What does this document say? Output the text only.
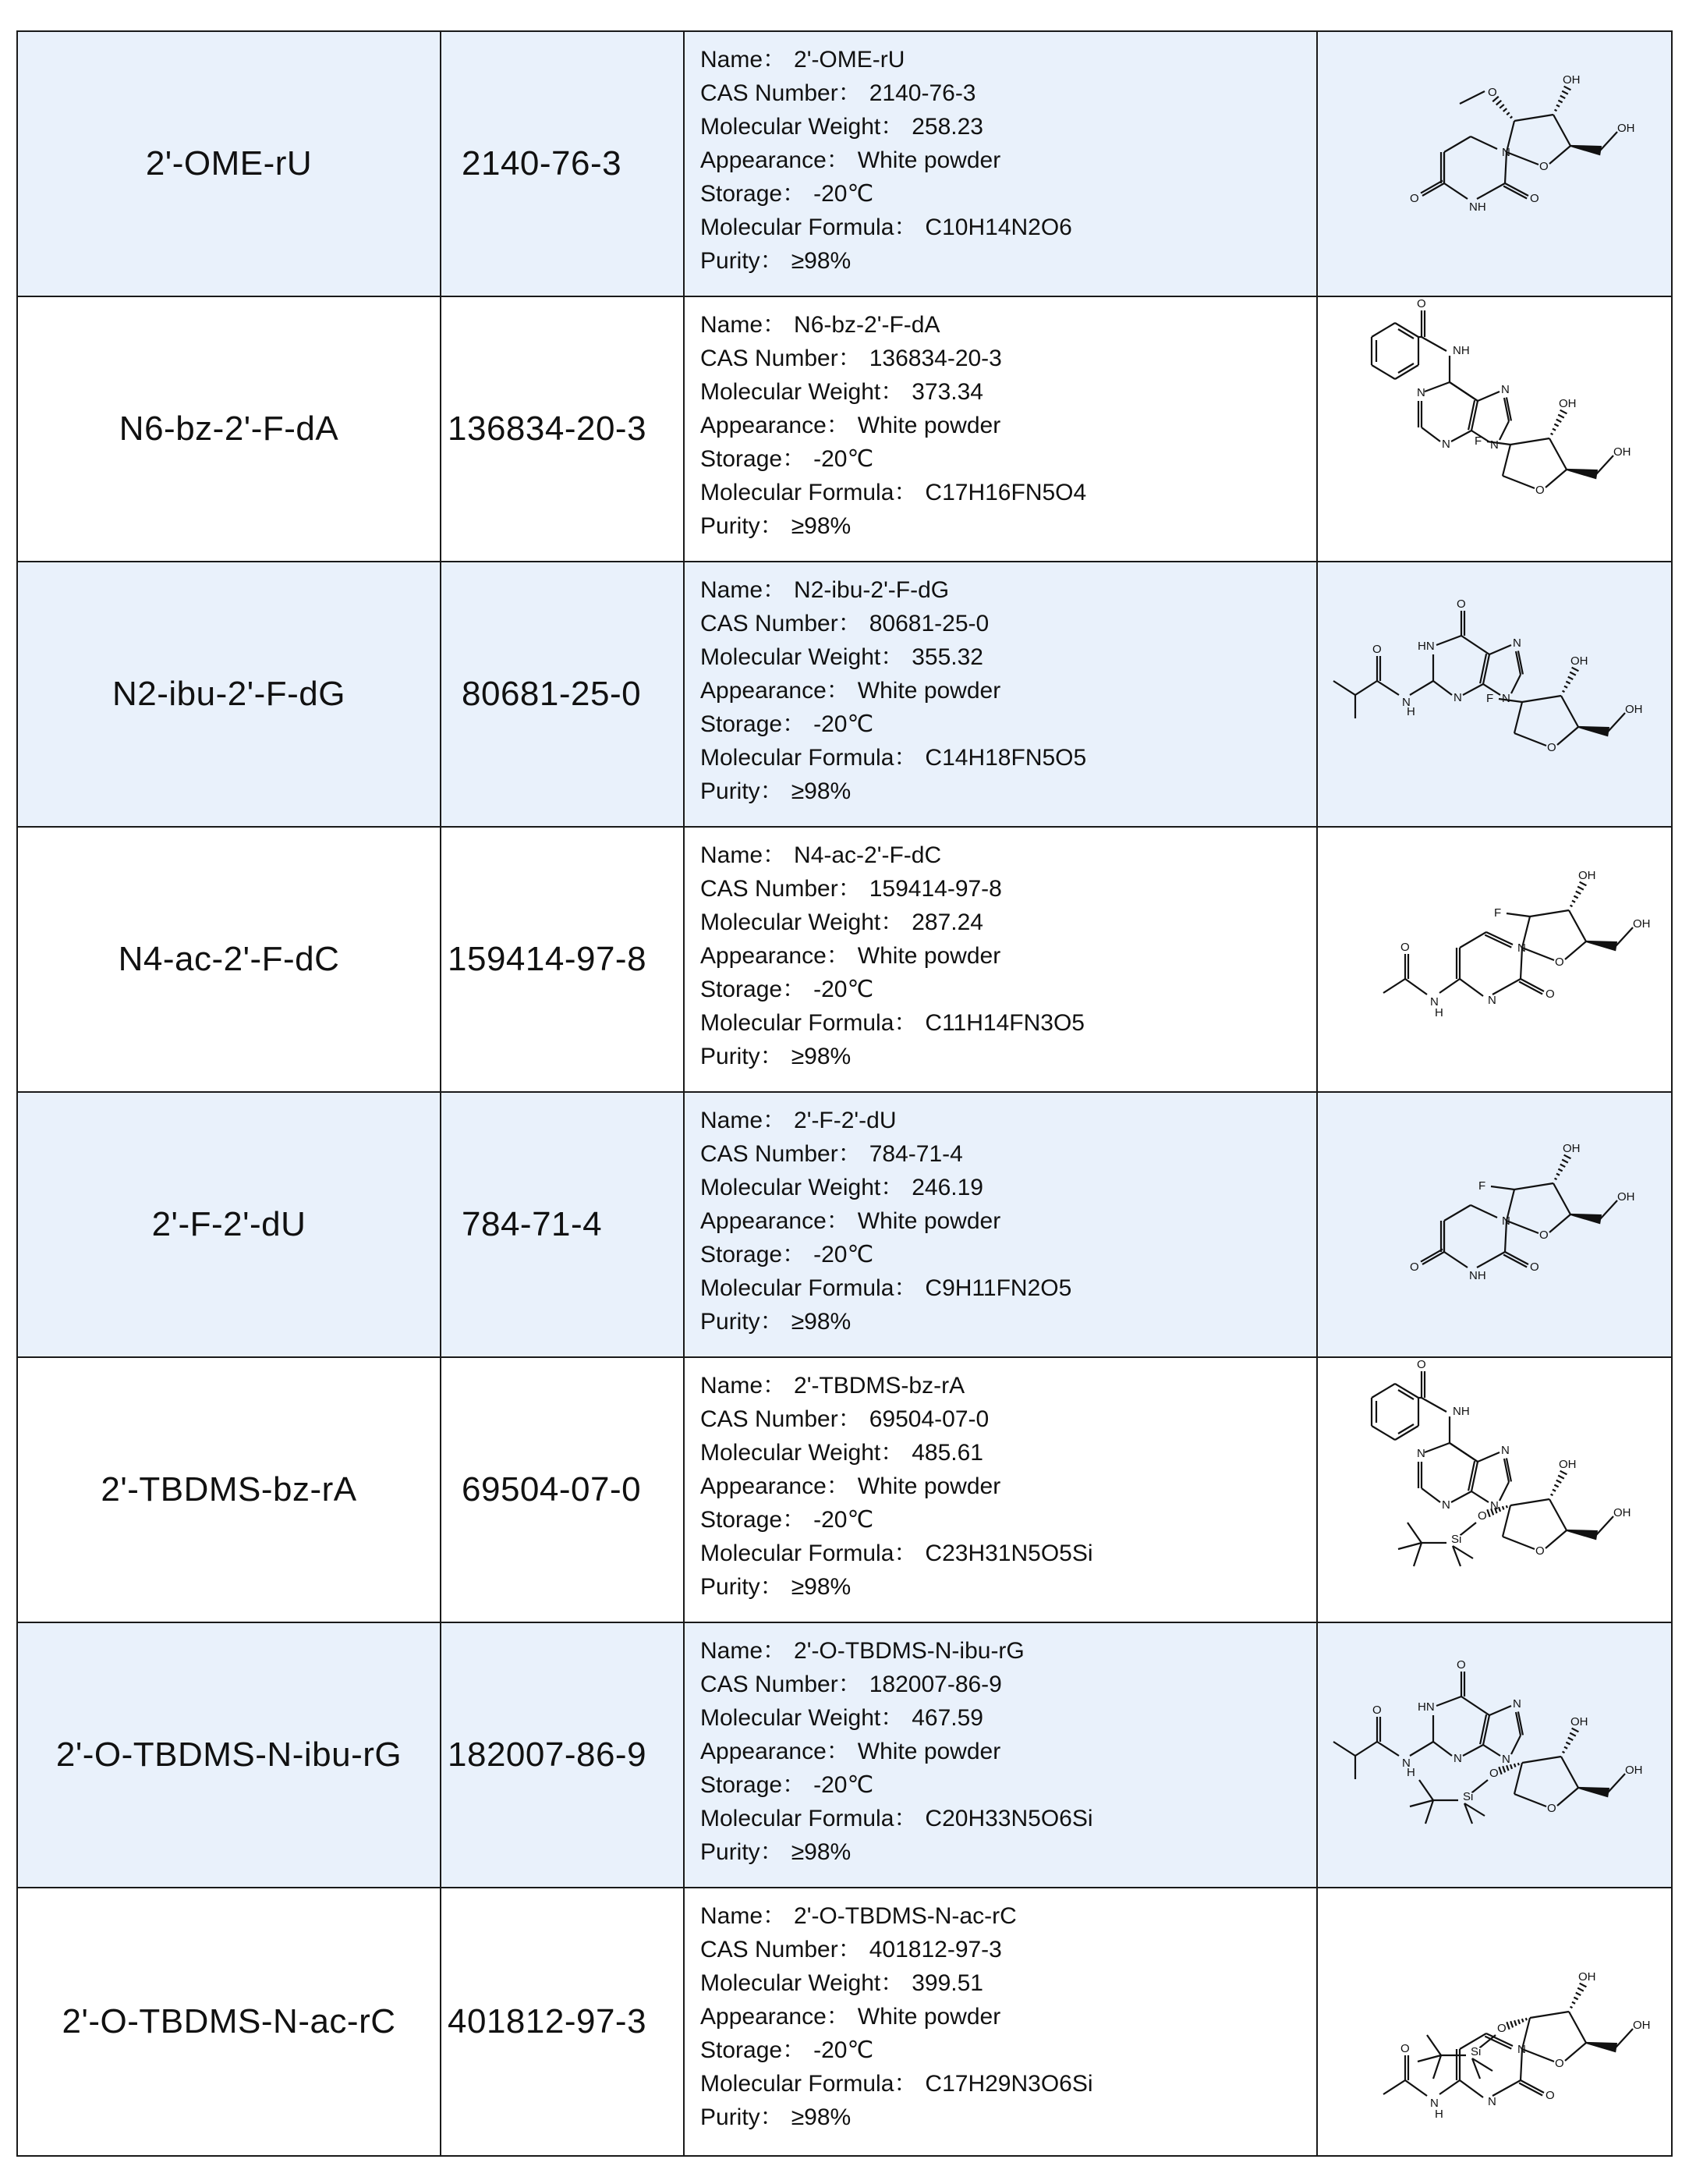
2'-OME-rU	2140-76-3
Name： 2'-OME-rU
CAS Number： 2140-76-3
Molecular Weight： 258.23
Appearance： White powder
Storage： -20℃
Molecular Formula： C10H14N2O6
Purity： ≥98%
O
OH
OH
O
N
NH
O
O
N6-bz-2'-F-dA	136834-20-3
Name： N6-bz-2'-F-dA
CAS Number： 136834-20-3
Molecular Weight： 373.34
Appearance： White powder
Storage： -20℃
Molecular Formula： C17H16FN5O4
Purity： ≥98%
O
OH
OH
F N
N
N
N
NH
O
N2-ibu-2'-F-dG	80681-25-0
Name： N2-ibu-2'-F-dG
CAS Number： 80681-25-0
Molecular Weight： 355.32
Appearance： White powder
Storage： -20℃
Molecular Formula： C14H18FN5O5
Purity： ≥98%
O
OH
OH
F N
N
N
HN
O
N
H
O
N4-ac-2'-F-dC	159414-97-8
Name： N4-ac-2'-F-dC
CAS Number： 159414-97-8
Molecular Weight： 287.24
Appearance： White powder
Storage： -20℃
Molecular Formula： C11H14FN3O5
Purity： ≥98%
O
OH
OH
F
N
N	O
N
H
O
2'-F-2'-dU	784-71-4
Name： 2'-F-2'-dU
CAS Number： 784-71-4
Molecular Weight： 246.19
Appearance： White powder
Storage： -20℃
Molecular Formula： C9H11FN2O5
Purity： ≥98%
O
OH
OH
F
N
NH
O
O
2'-TBDMS-bz-rA	69504-07-0
Name： 2'-TBDMS-bz-rA
CAS Number： 69504-07-0
Molecular Weight： 485.61
Appearance： White powder
Storage： -20℃
Molecular Formula： C23H31N5O5Si
Purity： ≥98%
O
OH
OH
O
Si
N
N
N
N
NH
O
2'-O-TBDMS-N-ibu-rG 182007-86-9
Name： 2'-O-TBDMS-N-ibu-rG
CAS Number： 182007-86-9
Molecular Weight： 467.59
Appearance： White powder
Storage： -20℃
Molecular Formula： C20H33N5O6Si
Purity： ≥98%
O
OH
OH
O
Si
N
N
N
HN
O
N
H
O
2'-O-TBDMS-N-ac-rC 401812-97-3
Name： 2'-O-TBDMS-N-ac-rC
CAS Number： 401812-97-3
Molecular Weight： 399.51
Appearance： White powder
Storage： -20℃
Molecular Formula： C17H29N3O6Si
Purity： ≥98%
O
OH
OH
O
Si	N
N	O
N
H
O
